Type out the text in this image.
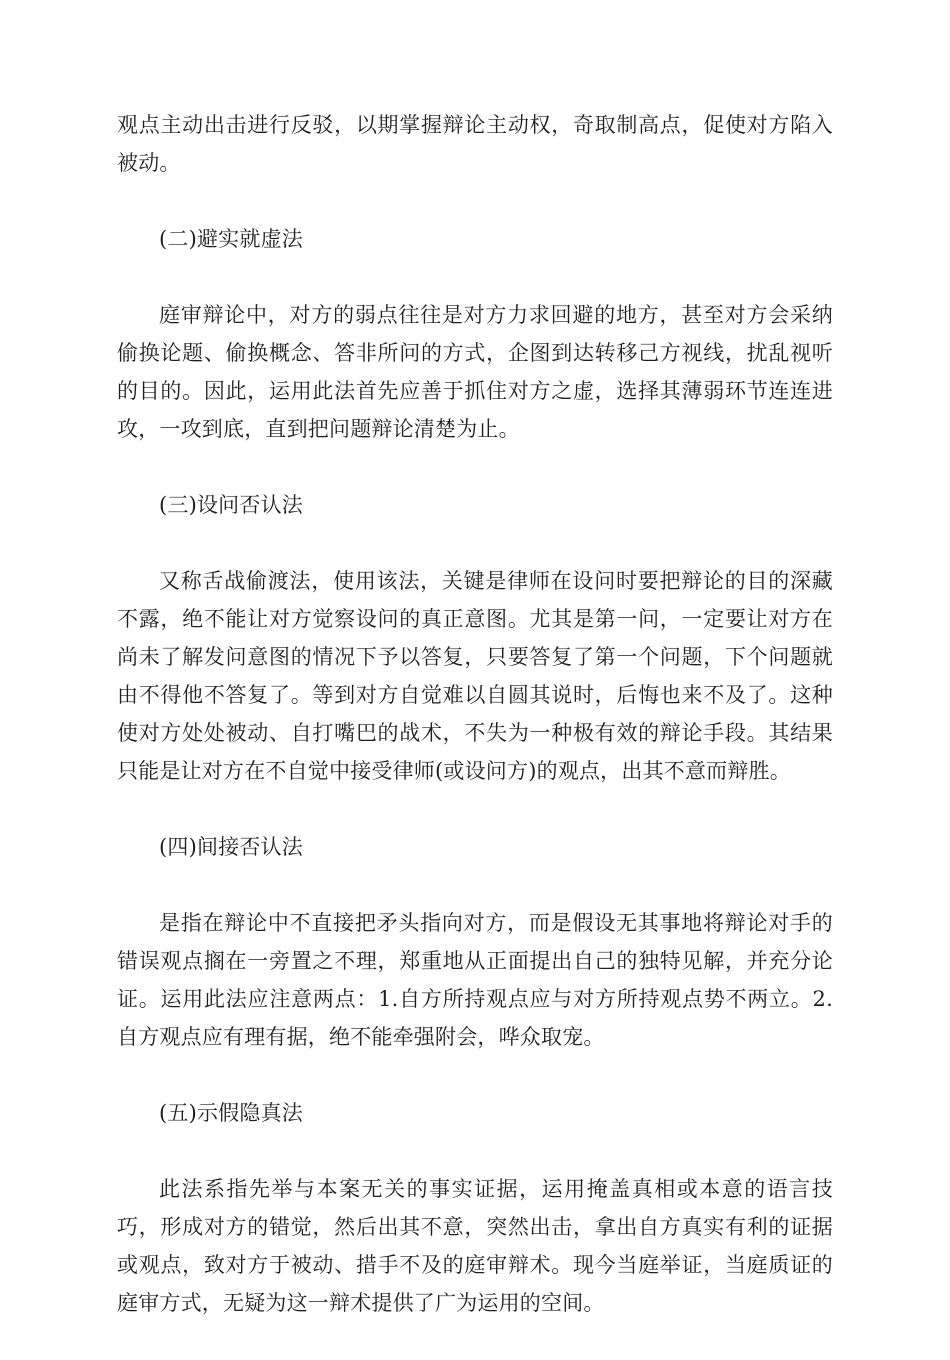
观点主动出击进行反驳，以期掌握辩论主动权，奇取制高点，促使对方陷入被动。

(二)避实就虚法

庭审辩论中，对方的弱点往往是对方力求回避的地方，甚至对方会采纳偷换论题、偷换概念、答非所问的方式，企图到达转移己方视线，扰乱视听的目的。因此，运用此法首先应善于抓住对方之虚，选择其薄弱环节连连进攻，一攻到底，直到把问题辩论清楚为止。

(三)设问否认法

又称舌战偷渡法，使用该法，关键是律师在设问时要把辩论的目的深藏不露，绝不能让对方觉察设问的真正意图。尤其是第一问，一定要让对方在尚未了解发问意图的情况下予以答复，只要答复了第一个问题，下个问题就由不得他不答复了。等到对方自觉难以自圆其说时，后悔也来不及了。这种使对方处处被动、自打嘴巴的战术，不失为一种极有效的辩论手段。其结果只能是让对方在不自觉中接受律师(或设问方)的观点，出其不意而辩胜。

(四)间接否认法

是指在辩论中不直接把矛头指向对方，而是假设无其事地将辩论对手的错误观点搁在一旁置之不理，郑重地从正面提出自己的独特见解，并充分论证。运用此法应注意两点：1.自方所持观点应与对方所持观点势不两立。2.自方观点应有理有据，绝不能牵强附会，哗众取宠。

(五)示假隐真法

此法系指先举与本案无关的事实证据，运用掩盖真相或本意的语言技巧，形成对方的错觉，然后出其不意，突然出击，拿出自方真实有利的证据或观点，致对方于被动、措手不及的庭审辩术。现今当庭举证，当庭质证的庭审方式，无疑为这一辩术提供了广为运用的空间。
